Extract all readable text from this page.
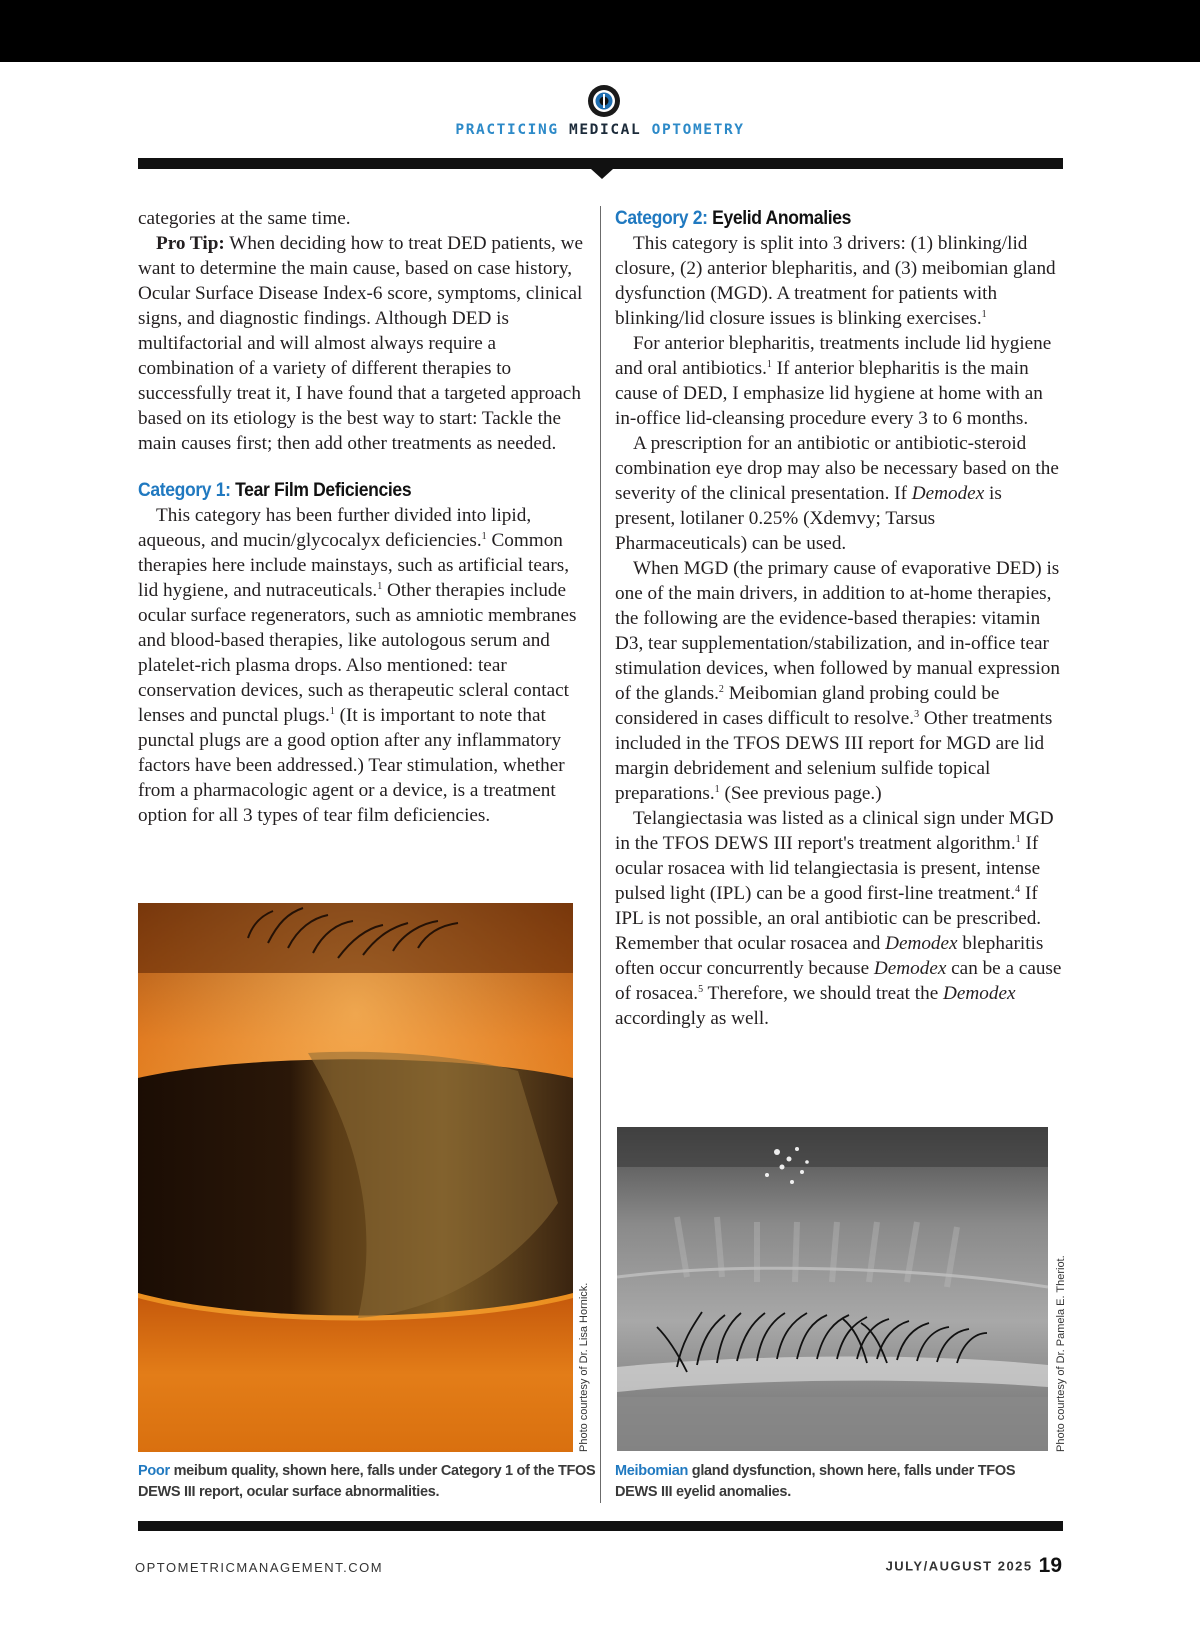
PRACTICING MEDICAL OPTOMETRY

categories at the same time.

Pro Tip: When deciding how to treat DED patients, we want to determine the main cause, based on case history, Ocular Surface Disease Index-6 score, symptoms, clinical signs, and diagnostic findings. Although DED is multifactorial and will almost always require a combination of a variety of different therapies to successfully treat it, I have found that a targeted approach based on its etiology is the best way to start: Tackle the main causes first; then add other treatments as needed.

Category 1: Tear Film Deficiencies

This category has been further divided into lipid, aqueous, and mucin/glycocalyx deficiencies.$^1$ Common therapies here include mainstays, such as artificial tears, lid hygiene, and nutraceuticals.$^1$ Other therapies include ocular surface regenerators, such as amniotic membranes and blood-based therapies, like autologous serum and platelet-rich plasma drops. Also mentioned: tear conservation devices, such as therapeutic scleral contact lenses and punctal plugs.$^1$ (It is important to note that punctal plugs are a good option after any inflammatory factors have been addressed.) Tear stimulation, whether from a pharmacologic agent or a device, is a treatment option for all 3 types of tear film deficiencies.

Category 2: Eyelid Anomalies

This category is split into 3 drivers: (1) blinking/lid closure, (2) anterior blepharitis, and (3) meibomian gland dysfunction (MGD). A treatment for patients with blinking/lid closure issues is blinking exercises.$^1$

For anterior blepharitis, treatments include lid hygiene and oral antibiotics.$^1$ If anterior blepharitis is the main cause of DED, I emphasize lid hygiene at home with an in-office lid-cleansing procedure every 3 to 6 months.

A prescription for an antibiotic or antibiotic-steroid combination eye drop may also be necessary based on the severity of the clinical presentation. If Demodex is present, lotilaner 0.25% (Xdemvy; Tarsus Pharmaceuticals) can be used.

When MGD (the primary cause of evaporative DED) is one of the main drivers, in addition to at-home therapies, the following are the evidence-based therapies: vitamin D3, tear supplementation/stabilization, and in-office tear stimulation devices, when followed by manual expression of the glands.$^2$ Meibomian gland probing could be considered in cases difficult to resolve.$^3$ Other treatments included in the TFOS DEWS III report for MGD are lid margin debridement and selenium sulfide topical preparations.$^1$ (See previous page.)

Telangiectasia was listed as a clinical sign under MGD in the TFOS DEWS III report's treatment algorithm.$^1$ If ocular rosacea with lid telangiectasia is present, intense pulsed light (IPL) can be a good first-line treatment.$^4$ If IPL is not possible, an oral antibiotic can be prescribed. Remember that ocular rosacea and Demodex blepharitis often occur concurrently because Demodex can be a cause of rosacea.$^5$ Therefore, we should treat the Demodex accordingly as well.

Photo courtesy of Dr. Lisa Hornick.	Photo courtesy of Dr. Pamela E. Theriot.
Poor meibum quality, shown here, falls under Category 1 of the TFOS DEWS III report, ocular surface abnormalities.
Meibomian gland dysfunction, shown here, falls under TFOS DEWS III eyelid anomalies.
OPTOMETRICMANAGEMENT.COM	JULY/AUGUST 2025 19
